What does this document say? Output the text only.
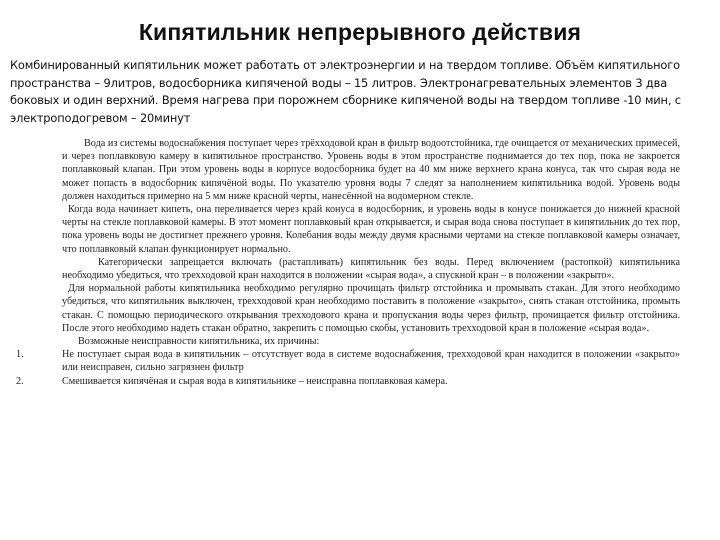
Кипятильник непрерывного действия

Комбинированный кипятильник может работать от электроэнергии и на твердом топливе. Объём кипятильного пространства – 9литров, водосборника кипяченой воды – 15 литров. Электронагревательных элементов 3 два боковых и один верхний. Время нагрева при порожнем сборнике кипяченой воды на твердом топливе -10 мин, с электроподогревом – 20минут

Вода из системы водоснабжения поступает через трёхходовой кран в фильтр водоотстойника, где очищается от механических примесей, и через поплавковую камеру в кипятильное пространство. Уровень воды в этом пространстве поднимается до тех пор, пока не закроется поплавковый клапан. При этом уровень воды в корпусе водосборника будет на 40 мм ниже верхнего крана конуса, так что сырая вода не может попасть в водосборник кипячёной воды. По указателю уровня воды 7 следят за наполнением кипятильника водой. Уровень воды должен находиться примерно на 5 мм ниже красной черты, нанесённой на водомерном стекле.

Когда вода начинает кипеть, она переливается через край конуса в водосборник, и уровень воды в конусе понижается до нижней красной черты на стекле поплавковой камеры. В этот момент поплавковый кран открывается, и сырая вода снова поступает в кипятильник до тех пор, пока уровень воды не достигнет прежнего уровня. Колебания воды между двумя красными чертами на стекле поплавковой камеры означает, что поплавковый клапан функционирует нормально.

Категорически запрещается включать (растапливать) кипятильник без воды. Перед включением (растопкой) кипятильника необходимо убедиться, что трехходовой кран находится в положении «сырая вода», а спускной кран – в положении «закрыто».

Для нормальной работы кипятильника необходимо регулярно прочищать фильтр отстойника и промывать стакан. Для этого необходимо убедиться, что кипятильник выключен, трехходовой кран необходимо поставить в положение «закрыто», снять стакан отстойника, промыть стакан. С помощью периодического открывания трехходового крана и пропускания воды через фильтр, прочищается фильтр отстойника. После этого необходимо надеть стакан обратно, закрепить с помощью скобы, установить трехходовой кран в положение «сырая вода».

Возможные неисправности кипятильника, их причины:

1.	Не поступает сырая вода в кипятильник – отсутствует вода в системе водоснабжения, трехходовой кран находится в положении «закрыто» или неисправен, сильно загрязнен фильтр
2.	Смешивается кипячёная и сырая вода в кипятильнике – неисправна поплавковая камера.
